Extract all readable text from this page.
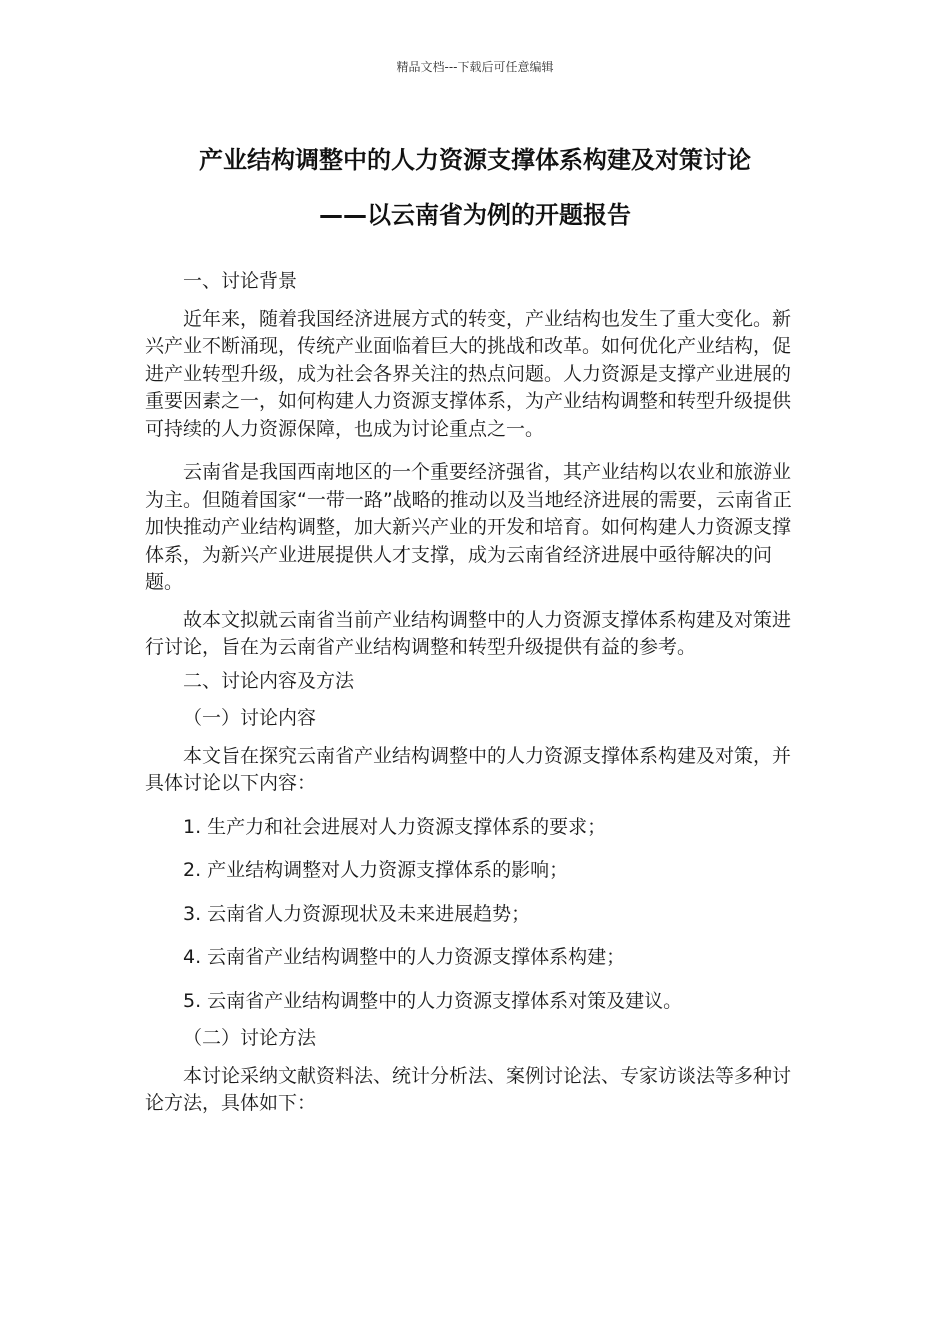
精品文档---下载后可任意编辑
产业结构调整中的人力资源支撑体系构建及对策讨论
——以云南省为例的开题报告

一、讨论背景

近年来，随着我国经济进展方式的转变，产业结构也发生了重大变化。新兴产业不断涌现，传统产业面临着巨大的挑战和改革。如何优化产业结构，促进产业转型升级，成为社会各界关注的热点问题。人力资源是支撑产业进展的重要因素之一，如何构建人力资源支撑体系，为产业结构调整和转型升级提供可持续的人力资源保障，也成为讨论重点之一。

云南省是我国西南地区的一个重要经济强省，其产业结构以农业和旅游业为主。但随着国家“一带一路”战略的推动以及当地经济进展的需要，云南省正加快推动产业结构调整，加大新兴产业的开发和培育。如何构建人力资源支撑体系，为新兴产业进展提供人才支撑，成为云南省经济进展中亟待解决的问题。

故本文拟就云南省当前产业结构调整中的人力资源支撑体系构建及对策进行讨论，旨在为云南省产业结构调整和转型升级提供有益的参考。

二、讨论内容及方法

（一）讨论内容

本文旨在探究云南省产业结构调整中的人力资源支撑体系构建及对策，并具体讨论以下内容：

1. 生产力和社会进展对人力资源支撑体系的要求；

2. 产业结构调整对人力资源支撑体系的影响；

3. 云南省人力资源现状及未来进展趋势；

4. 云南省产业结构调整中的人力资源支撑体系构建；

5. 云南省产业结构调整中的人力资源支撑体系对策及建议。

（二）讨论方法

本讨论采纳文献资料法、统计分析法、案例讨论法、专家访谈法等多种讨论方法，具体如下：
